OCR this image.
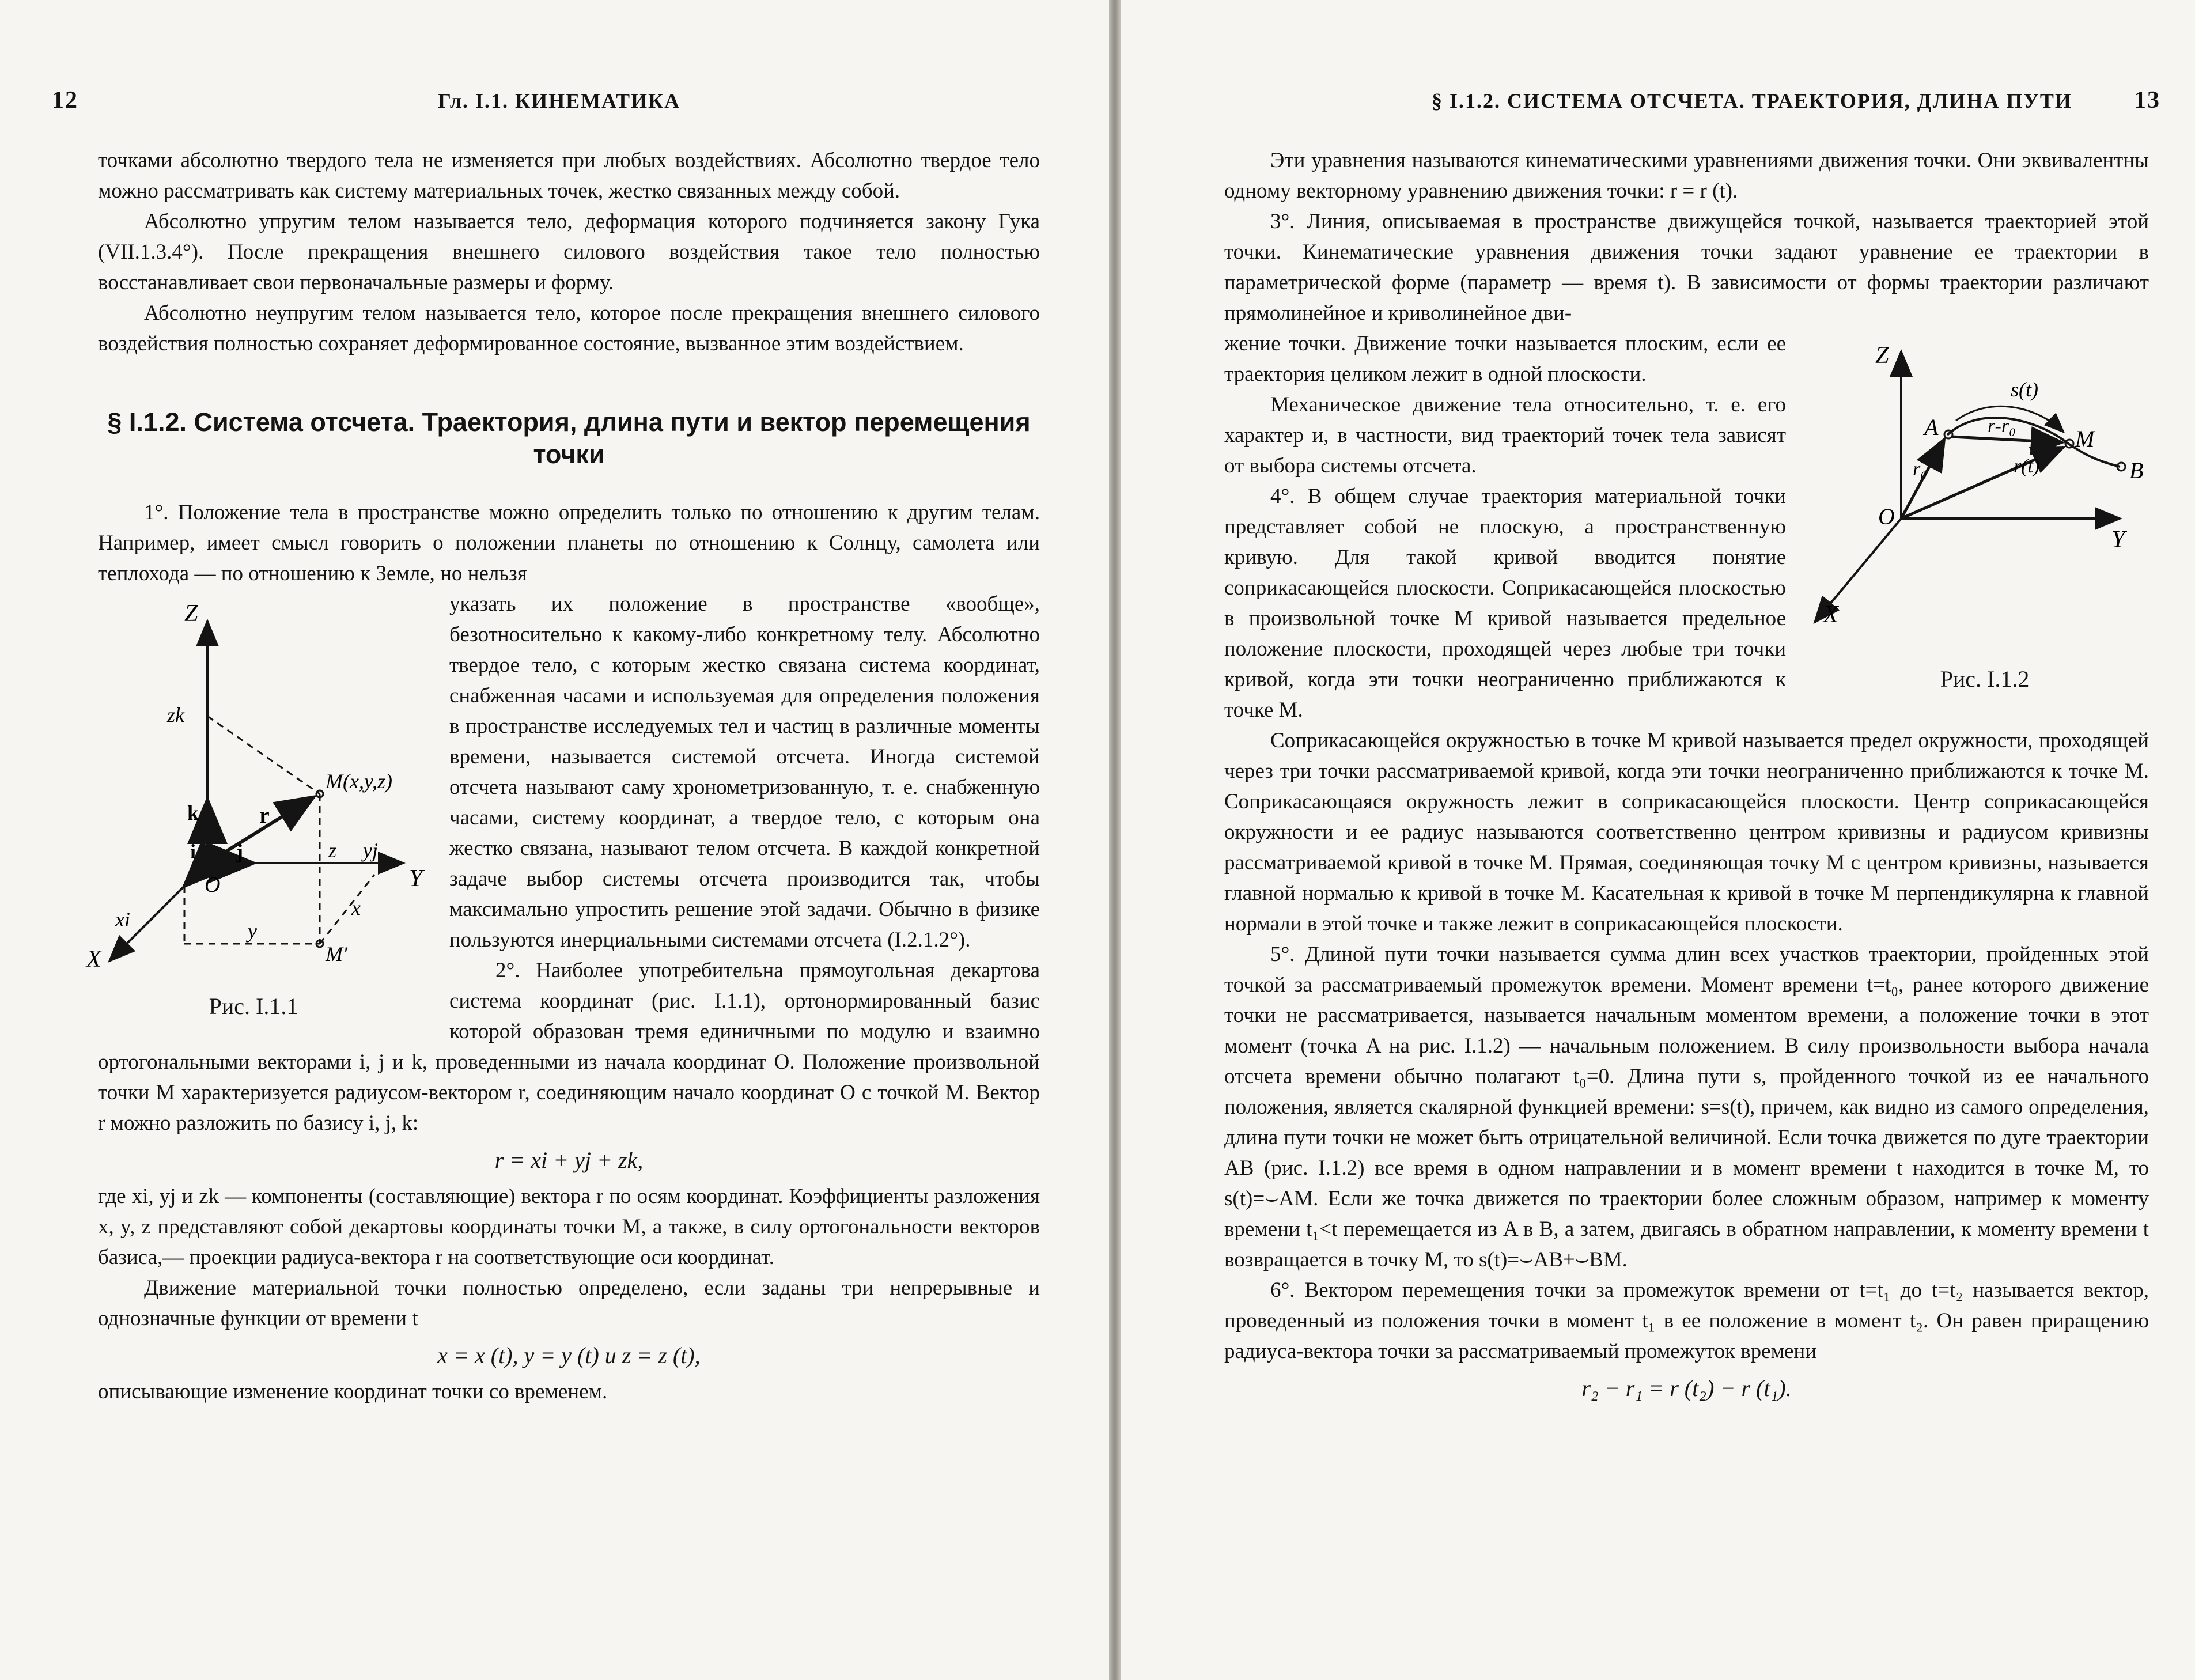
12	Гл. I.1. КИНЕМАТИКА

точками абсолютно твердого тела не изменяется при любых воздействиях. Абсолютно твердое тело можно рассматривать как систему материальных точек, жестко связанных между собой.

Абсолютно упругим телом называется тело, деформация которого подчиняется закону Гука (VII.1.3.4°). После прекращения внешнего силового воздействия такое тело полностью восстанавливает свои первоначальные размеры и форму.

Абсолютно неупругим телом называется тело, которое после прекращения внешнего силового воздействия полностью сохраняет деформированное состояние, вызванное этим воздействием.

§ I.1.2. Система отсчета. Траектория, длина пути и вектор перемещения точки

1°. Положение тела в пространстве можно определить только по отношению к другим телам. Например, имеет смысл говорить о положении планеты по отношению к Солнцу, самолета или теплохода — по отношению к Земле, но нельзя

Z
Y
X
zk
k
i j
r
O
M(x,y,z)
M′
z yj
xi	y
x
Рис. I.1.1

указать их положение в пространстве «вообще», безотносительно к какому-либо конкретному телу. Абсолютно твердое тело, с которым жестко связана система координат, снабженная часами и используемая для определения положения в пространстве исследуемых тел и частиц в различные моменты времени, называется системой отсчета. Иногда системой отсчета называют саму хронометризованную, т. е. снабженную часами, систему координат, а твердое тело, с которым она жестко связана, называют телом отсчета. В каждой конкретной задаче выбор системы отсчета производится так, чтобы максимально упростить решение этой задачи. Обычно в физике пользуются инерциальными системами отсчета (I.2.1.2°).

2°. Наиболее употребительна прямоугольная декартова система координат (рис. I.1.1), ортонормированный базис которой образован тремя единичными по модулю и взаимно ортогональными векторами i, j и k, проведенными из начала координат O. Положение произвольной точки M характеризуется радиусом-вектором r, соединяющим начало координат O с точкой M. Вектор r можно разложить по базису i, j, k:

r = xi + yj + zk,

где xi, yj и zk — компоненты (составляющие) вектора r по осям координат. Коэффициенты разложения x, y, z представляют собой декартовы координаты точки M, а также, в силу ортогональности векторов базиса,— проекции радиуса-вектора r на соответствующие оси координат.

Движение материальной точки полностью определено, если заданы три непрерывные и однозначные функции от времени t

x = x (t), y = y (t) и z = z (t),

описывающие изменение координат точки со временем.

§ I.1.2. СИСТЕМА ОТСЧЕТА. ТРАЕКТОРИЯ, ДЛИНА ПУТИ	13

Эти уравнения называются кинематическими уравнениями движения точки. Они эквивалентны одному векторному уравнению движения точки: r = r (t).

3°. Линия, описываемая в пространстве движущейся точкой, называется траекторией этой точки. Кинематические уравнения движения точки задают уравнение ее траектории в параметрической форме (параметр — время t). В зависимости от формы траектории различают прямолинейное и криволинейное дви-

Z
Y
X
O
A	M
B
s(t)
r-r₀
r₀	r(t)
Рис. I.1.2

жение точки. Движение точки называется плоским, если ее траектория целиком лежит в одной плоскости.

Механическое движение тела относительно, т. е. его характер и, в частности, вид траекторий точек тела зависят от выбора системы отсчета.

4°. В общем случае траектория материальной точки представляет собой не плоскую, а пространственную кривую. Для такой кривой вводится понятие соприкасающейся плоскости. Соприкасающейся плоскостью в произвольной точке M кривой называется предельное положение плоскости, проходящей через любые три точки кривой, когда эти точки неограниченно приближаются к точке M.

Соприкасающейся окружностью в точке M кривой называется предел окружности, проходящей через три точки рассматриваемой кривой, когда эти точки неограниченно приближаются к точке M. Соприкасающаяся окружность лежит в соприкасающейся плоскости. Центр соприкасающейся окружности и ее радиус называются соответственно центром кривизны и радиусом кривизны рассматриваемой кривой в точке M. Прямая, соединяющая точку M с центром кривизны, называется главной нормалью к кривой в точке M. Касательная к кривой в точке M перпендикулярна к главной нормали в этой точке и также лежит в соприкасающейся плоскости.

5°. Длиной пути точки называется сумма длин всех участков траектории, пройденных этой точкой за рассматриваемый промежуток времени. Момент времени t=t₀, ранее которого движение точки не рассматривается, называется начальным моментом времени, а положение точки в этот момент (точка A на рис. I.1.2) — начальным положением. В силу произвольности выбора начала отсчета времени обычно полагают t₀=0. Длина пути s, пройденного точкой из ее начального положения, является скалярной функцией времени: s=s(t), причем, как видно из самого определения, длина пути точки не может быть отрицательной величиной. Если точка движется по дуге траектории AB (рис. I.1.2) все время в одном направлении и в момент времени t находится в точке M, то s(t)=⌣AM. Если же точка движется по траектории более сложным образом, например к моменту времени t₁<t перемещается из A в B, а затем, двигаясь в обратном направлении, к моменту времени t возвращается в точку M, то s(t)=⌣AB+⌣BM.

6°. Вектором перемещения точки за промежуток времени от t=t₁ до t=t₂ называется вектор, проведенный из положения точки в момент t₁ в ее положение в момент t₂. Он равен приращению радиуса-вектора точки за рассматриваемый промежуток времени

r₂ − r₁ = r (t₂) − r (t₁).
